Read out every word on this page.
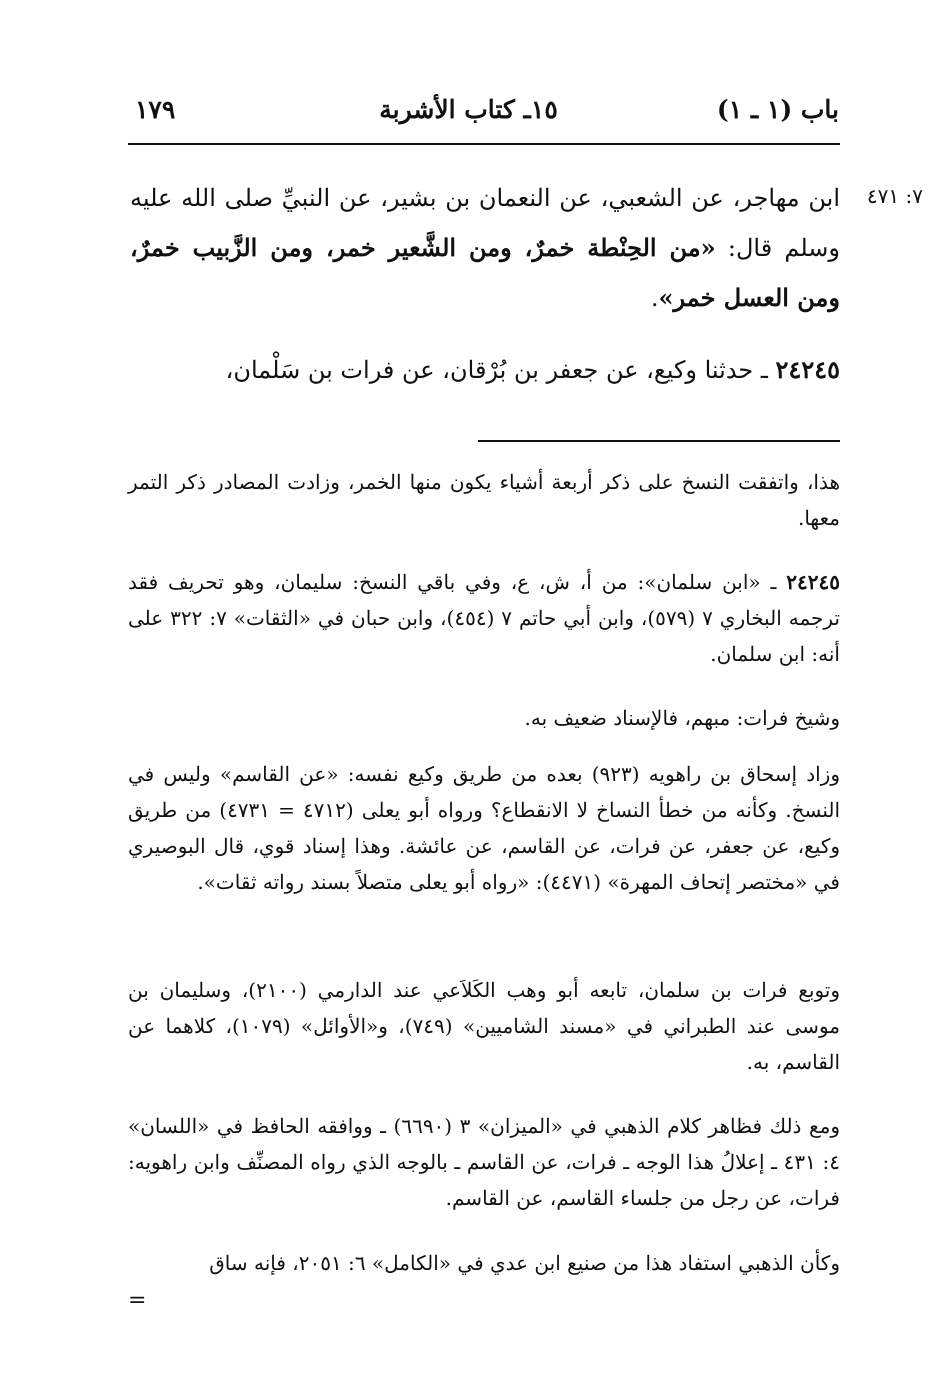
١٧٩	١٥ـ كتاب الأشربة	باب (١ ـ ١)
٧: ٤٧١
ابن مهاجر، عن الشعبي، عن النعمان بن بشير، عن النبيِّ صلى الله عليه وسلم قال: «من الحِنْطة خمرٌ، ومن الشَّعير خمر، ومن الزَّبيب خمرٌ، ومن العسل خمر».
٢٤٢٤٥ ـ حدثنا وكيع، عن جعفر بن بُرْقان، عن فرات بن سَلْمان،

هذا، واتفقت النسخ على ذكر أربعة أشياء يكون منها الخمر، وزادت المصادر ذكر التمر معها.

٢٤٢٤٥ ـ «ابن سلمان»: من أ، ش، ع، وفي باقي النسخ: سليمان، وهو تحريف فقد ترجمه البخاري ٧ (٥٧٩)، وابن أبي حاتم ٧ (٤٥٤)، وابن حبان في «الثقات» ٧: ٣٢٢ على أنه: ابن سلمان.

وشيخ فرات: مبهم، فالإسناد ضعيف به.

وزاد إسحاق بن راهويه (٩٢٣) بعده من طريق وكيع نفسه: «عن القاسم» وليس في النسخ. وكأنه من خطأ النساخ لا الانقطاع؟ ورواه أبو يعلى (٤٧١٢ = ٤٧٣١) من طريق وكيع، عن جعفر، عن فرات، عن القاسم، عن عائشة. وهذا إسناد قوي، قال البوصيري في «مختصر إتحاف المهرة» (٤٤٧١): «رواه أبو يعلى متصلاً بسند رواته ثقات».

وتوبع فرات بن سلمان، تابعه أبو وهب الكَلاَعي عند الدارمي (٢١٠٠)، وسليمان بن موسى عند الطبراني في «مسند الشاميين» (٧٤٩)، و«الأوائل» (١٠٧٩)، كلاهما عن القاسم، به.

ومع ذلك فظاهر كلام الذهبي في «الميزان» ٣ (٦٦٩٠) ـ ووافقه الحافظ في «اللسان» ٤: ٤٣١ ـ إعلالُ هذا الوجه ـ فرات، عن القاسم ـ بالوجه الذي رواه المصنِّف وابن راهويه: فرات، عن رجل من جلساء القاسم، عن القاسم.

وكأن الذهبي استفاد هذا من صنيع ابن عدي في «الكامل» ٦: ٢٠٥١، فإنه ساق

=
